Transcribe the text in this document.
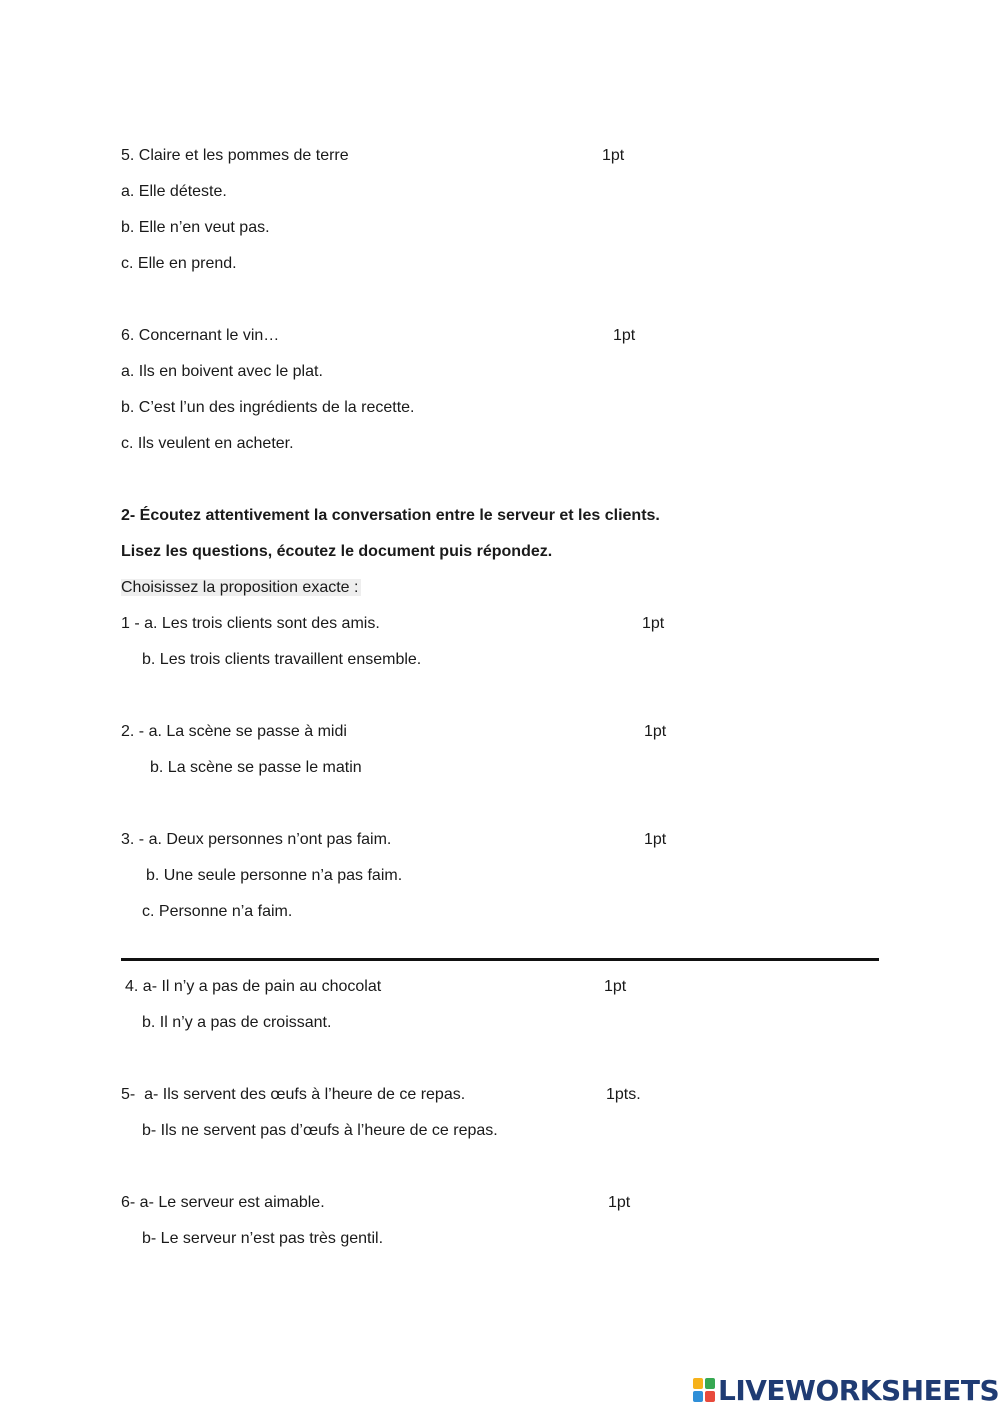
5. Claire et les pommes de terre	1pt
a. Elle déteste.
b. Elle n’en veut pas.
c. Elle en prend.
6. Concernant le vin…	1pt
a. Ils en boivent avec le plat.
b. C’est l’un des ingrédients de la recette.
c. Ils veulent en acheter.
2- Écoutez attentivement la conversation entre le serveur et les clients.
Lisez les questions, écoutez le document puis répondez.
Choisissez la proposition exacte :
1 - a. Les trois clients sont des amis.	1pt
b. Les trois clients travaillent ensemble.
2. - a. La scène se passe à midi	1pt
b. La scène se passe le matin
3. - a. Deux personnes n’ont pas faim.	1pt
b. Une seule personne n’a pas faim.
c. Personne n’a faim.
4. a- Il n’y a pas de pain au chocolat	1pt
b. Il n’y a pas de croissant.
5-  a- Ils servent des œufs à l’heure de ce repas.	1pts.
b- Ils ne servent pas d’œufs à l’heure de ce repas.
6- a- Le serveur est aimable.	1pt
b- Le serveur n’est pas très gentil.
LIVEWORKSHEETS
